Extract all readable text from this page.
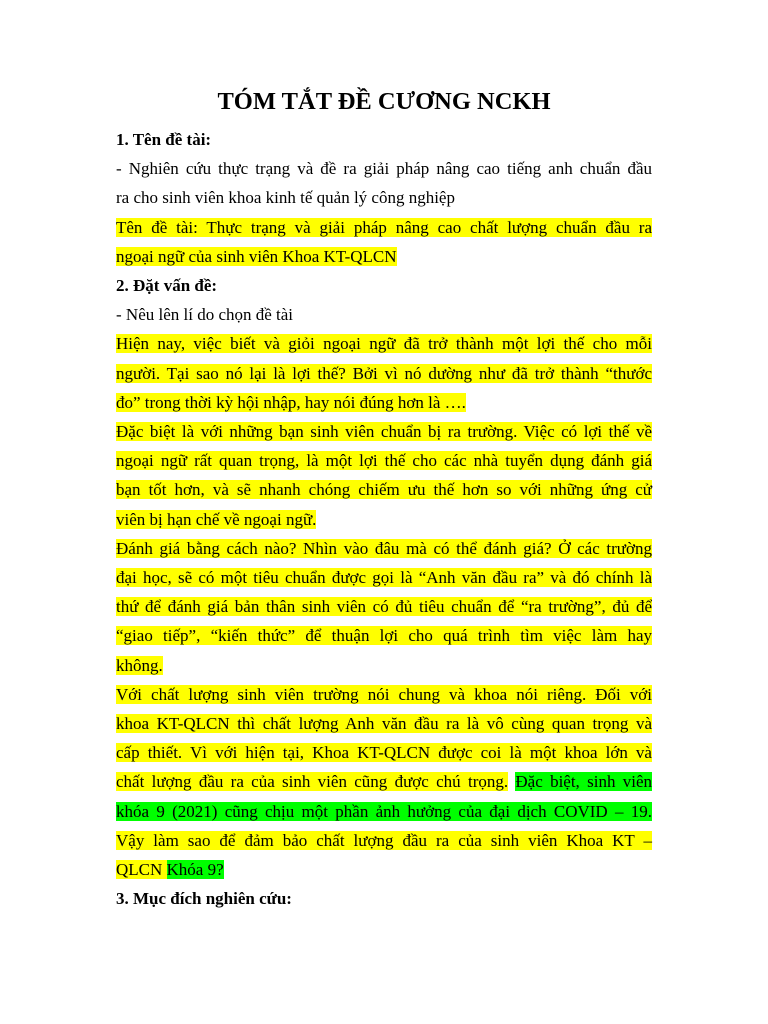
TÓM TẮT ĐỀ CƯƠNG NCKH
1. Tên đề tài:
- Nghiên cứu thực trạng và đề ra giải pháp nâng cao tiếng anh chuẩn đầu
ra cho sinh viên khoa kinh tế quản lý công nghiệp
Tên đề tài: Thực trạng và giải pháp nâng cao chất lượng chuẩn đầu ra
ngoại ngữ của sinh viên Khoa KT-QLCN
2. Đặt vấn đề:
- Nêu lên lí do chọn đề tài
Hiện nay, việc biết và giỏi ngoại ngữ đã trở thành một lợi thế cho mỗi
người. Tại sao nó lại là lợi thế? Bởi vì nó dường như đã trở thành “thước
đo” trong thời kỳ hội nhập, hay nói đúng hơn là ….
Đặc biệt là với những bạn sinh viên chuẩn bị ra trường. Việc có lợi thế về
ngoại ngữ rất quan trọng, là một lợi thế cho các nhà tuyển dụng đánh giá
bạn tốt hơn, và sẽ nhanh chóng chiếm ưu thế hơn so với những ứng cử
viên bị hạn chế về ngoại ngữ.
Đánh giá bằng cách nào? Nhìn vào đâu mà có thể đánh giá? Ở các trường
đại học, sẽ có một tiêu chuẩn được gọi là “Anh văn đầu ra” và đó chính là
thứ để đánh giá bản thân sinh viên có đủ tiêu chuẩn để “ra trường”, đủ để
“giao tiếp”, “kiến thức” để thuận lợi cho quá trình tìm việc làm hay
không.
Với chất lượng sinh viên trường nói chung và khoa nói riêng. Đối với
khoa KT-QLCN thì chất lượng Anh văn đầu ra là vô cùng quan trọng và
cấp thiết. Vì với hiện tại, Khoa KT-QLCN được coi là một khoa lớn và
chất lượng đầu ra của sinh viên cũng được chú trọng. Đặc biệt, sinh viên
khóa 9 (2021) cũng chịu một phần ảnh hưởng của đại dịch COVID – 19.
Vậy làm sao để đảm bảo chất lượng đầu ra của sinh viên Khoa KT –
QLCN Khóa 9?
3. Mục đích nghiên cứu:
